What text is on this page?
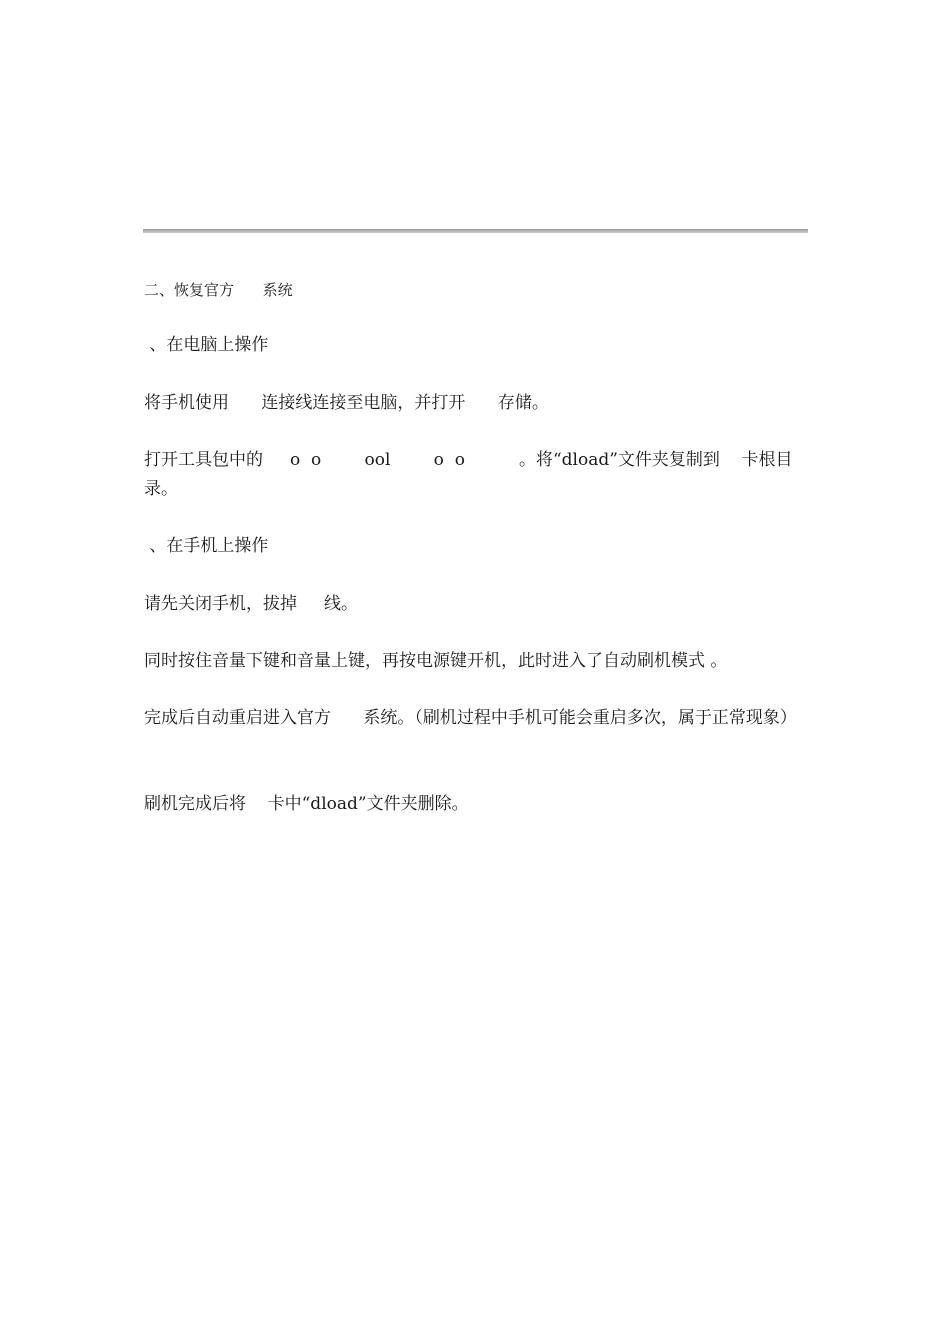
二、恢复官方      系统
、在电脑上操作
将手机使用      连接线连接至电脑，并打开      存储。
打开工具包中的     o  o        ool        o  o          。将“dload”文件夹复制到    卡根目录。
、在手机上操作
请先关闭手机，拔掉     线。
同时按住音量下键和音量上键，再按电源键开机，此时进入了自动刷机模式 。
完成后自动重启进入官方      系统。（刷机过程中手机可能会重启多次，属于正常现象）
刷机完成后将    卡中“dload”文件夹删除。
